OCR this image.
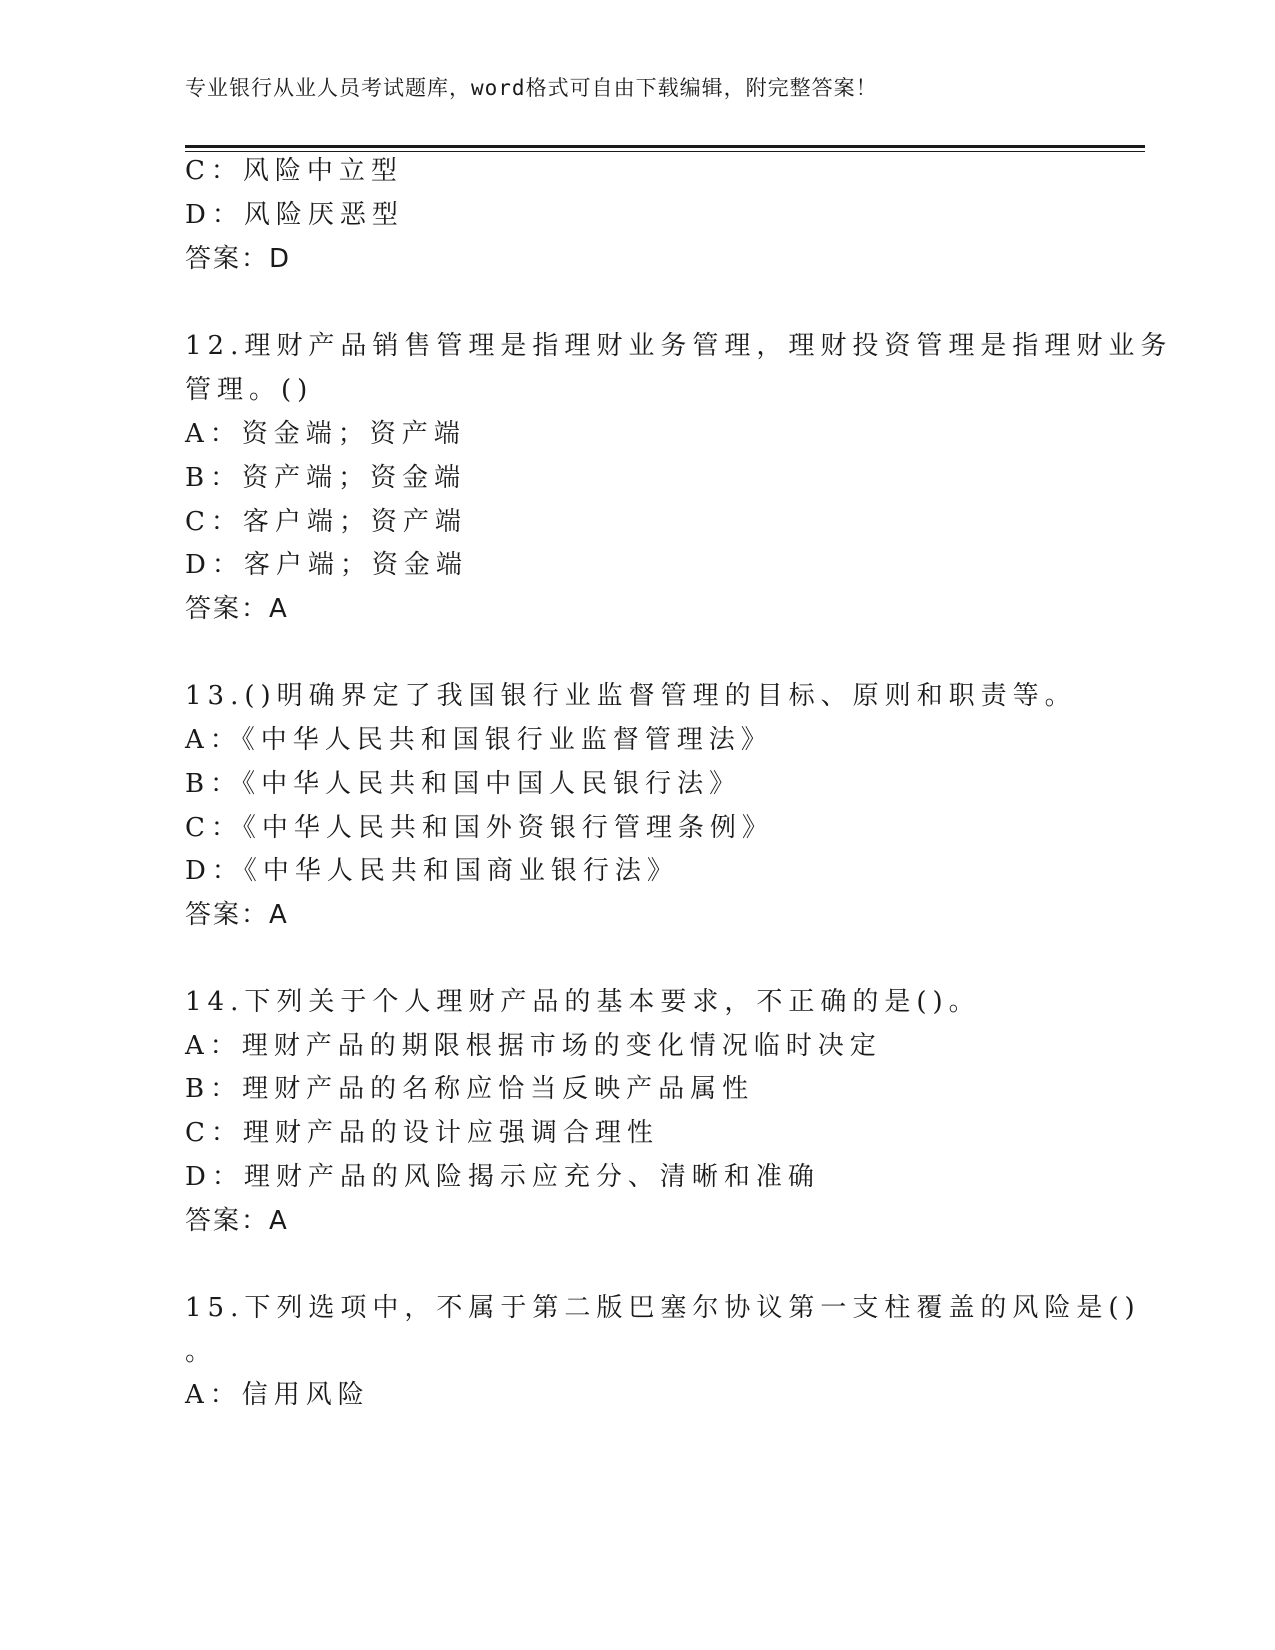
专业银行从业人员考试题库，word格式可自由下载编辑，附完整答案！
C：风险中立型
D：风险厌恶型
答案：D
12.理财产品销售管理是指理财业务管理，理财投资管理是指理财业务
管理。()
A：资金端；资产端
B：资产端；资金端
C：客户端；资产端
D：客户端；资金端
答案：A
13.()明确界定了我国银行业监督管理的目标、原则和职责等。
A：《中华人民共和国银行业监督管理法》
B：《中华人民共和国中国人民银行法》
C：《中华人民共和国外资银行管理条例》
D：《中华人民共和国商业银行法》
答案：A
14.下列关于个人理财产品的基本要求，不正确的是()。
A：理财产品的期限根据市场的变化情况临时决定
B：理财产品的名称应恰当反映产品属性
C：理财产品的设计应强调合理性
D：理财产品的风险揭示应充分、清晰和准确
答案：A
15.下列选项中，不属于第二版巴塞尔协议第一支柱覆盖的风险是()
。
A：信用风险
